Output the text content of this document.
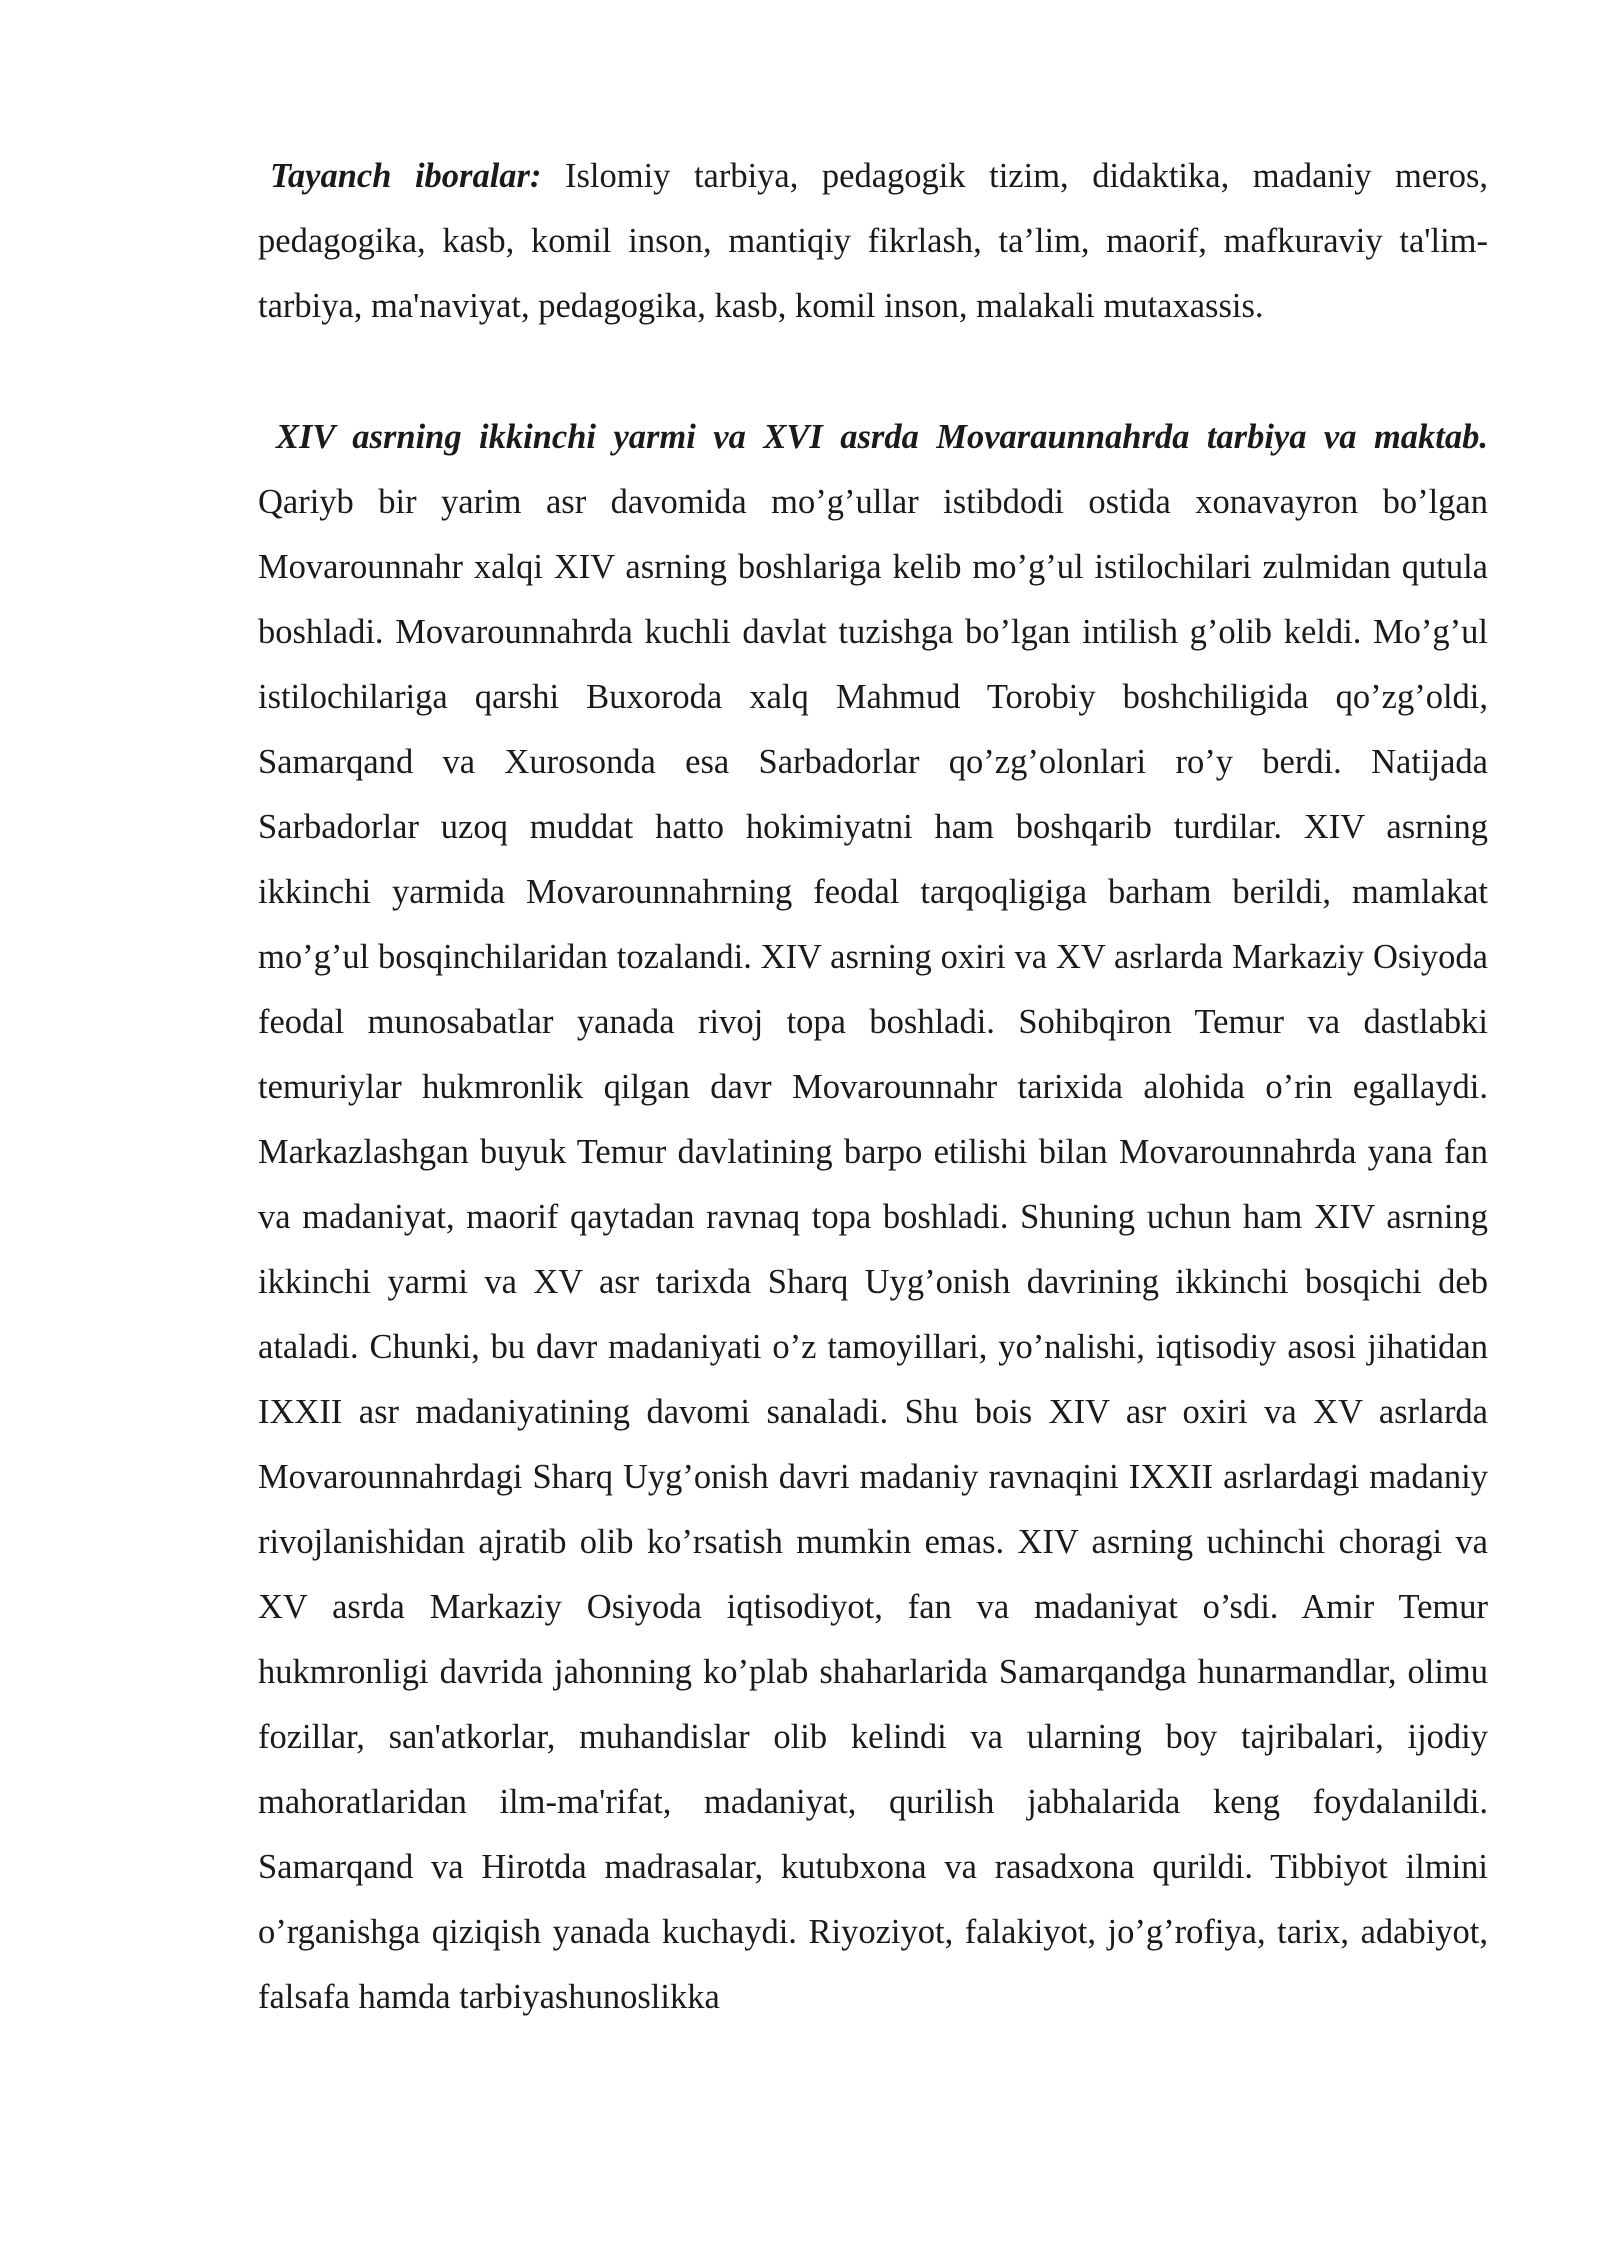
Tayanch iboralar: Islomiy tarbiya, pedagogik tizim, didaktika, madaniy meros, pedagogika, kasb, komil inson, mantiqiy fikrlash, ta’lim, maorif, mafkuraviy ta'lim-tarbiya, ma'naviyat, pedagogika, kasb, komil inson, malakali mutaxassis.

XIV asrning ikkinchi yarmi va XVI asrda Movaraunnahrda tarbiya va maktab. Qariyb bir yarim asr davomida mo’g’ullar istibdodi ostida xonavayron bo’lgan Movarounnahr xalqi XIV asrning boshlariga kelib mo’g’ul istilochilari zulmidan qutula boshladi. Movarounnahrda kuchli davlat tuzishga bo’lgan intilish g’olib keldi. Mo’g’ul istilochilariga qarshi Buxoroda xalq Mahmud Torobiy boshchiligida qo’zg’oldi, Samarqand va Xurosonda esa Sarbadorlar qo’zg’olonlari ro’y berdi. Natijada Sarbadorlar uzoq muddat hatto hokimiyatni ham boshqarib turdilar. XIV asrning ikkinchi yarmida Movarounnahrning feodal tarqoqligiga barham berildi, mamlakat mo’g’ul bosqinchilaridan tozalandi. XIV asrning oxiri va XV asrlarda Markaziy Osiyoda feodal munosabatlar yanada rivoj topa boshladi. Sohibqiron Temur va dastlabki temuriylar hukmronlik qilgan davr Movarounnahr tarixida alohida o’rin egallaydi. Markazlashgan buyuk Temur davlatining barpo etilishi bilan Movarounnahrda yana fan va madaniyat, maorif qaytadan ravnaq topa boshladi. Shuning uchun ham XIV asrning ikkinchi yarmi va XV asr tarixda Sharq Uyg’onish davrining ikkinchi bosqichi deb ataladi. Chunki, bu davr madaniyati o’z tamoyillari, yo’nalishi, iqtisodiy asosi jihatidan IXXII asr madaniyatining davomi sanaladi. Shu bois XIV asr oxiri va XV asrlarda Movarounnahrdagi Sharq Uyg’onish davri madaniy ravnaqini IXXII asrlardagi madaniy rivojlanishidan ajratib olib ko’rsatish mumkin emas. XIV asrning uchinchi choragi va XV asrda Markaziy Osiyoda iqtisodiyot, fan va madaniyat o’sdi. Amir Temur hukmronligi davrida jahonning ko’plab shaharlarida Samarqandga hunarmandlar, olimu fozillar, san'atkorlar, muhandislar olib kelindi va ularning boy tajribalari, ijodiy mahoratlaridan ilm-ma'rifat, madaniyat, qurilish jabhalarida keng foydalanildi. Samarqand va Hirotda madrasalar, kutubxona va rasadxona qurildi. Tibbiyot ilmini o’rganishga qiziqish yanada kuchaydi. Riyoziyot, falakiyot, jo’g’rofiya, tarix, adabiyot, falsafa hamda tarbiyashunoslikka
